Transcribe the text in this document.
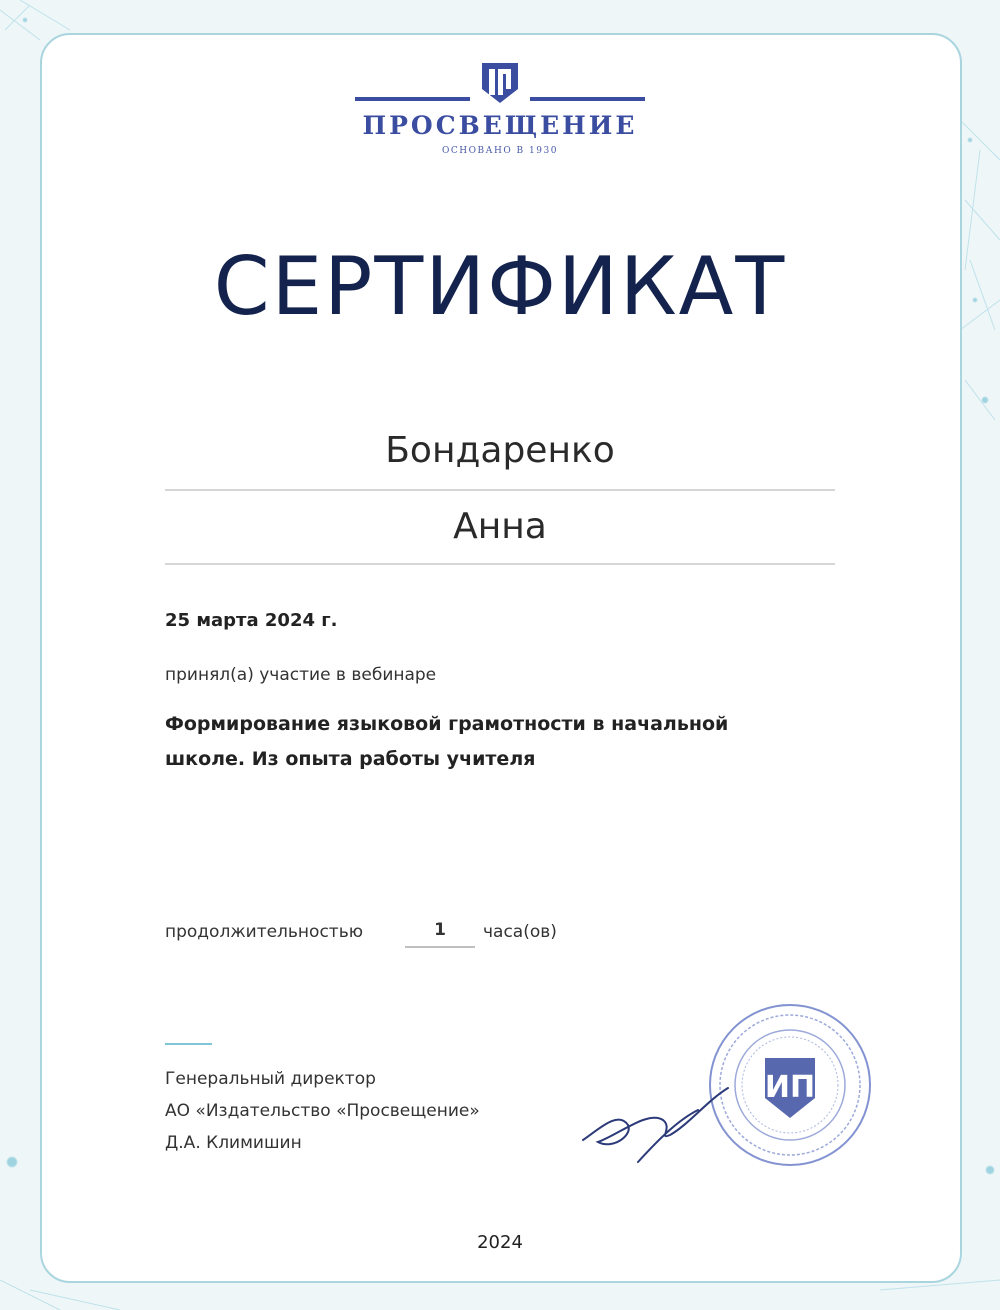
ПРОСВЕЩЕНИЕ
ОСНОВАНО В 1930
СЕРТИФИКАТ
Бондаренко
Анна
25 марта 2024 г.
принял(а) участие в вебинаре
Формирование языковой грамотности в начальной
школе. Из опыта работы учителя
продолжительностью	1	часа(ов)
Генеральный директор
АО «Издательство «Просвещение»
Д.А. Климишин
ИП
2024
